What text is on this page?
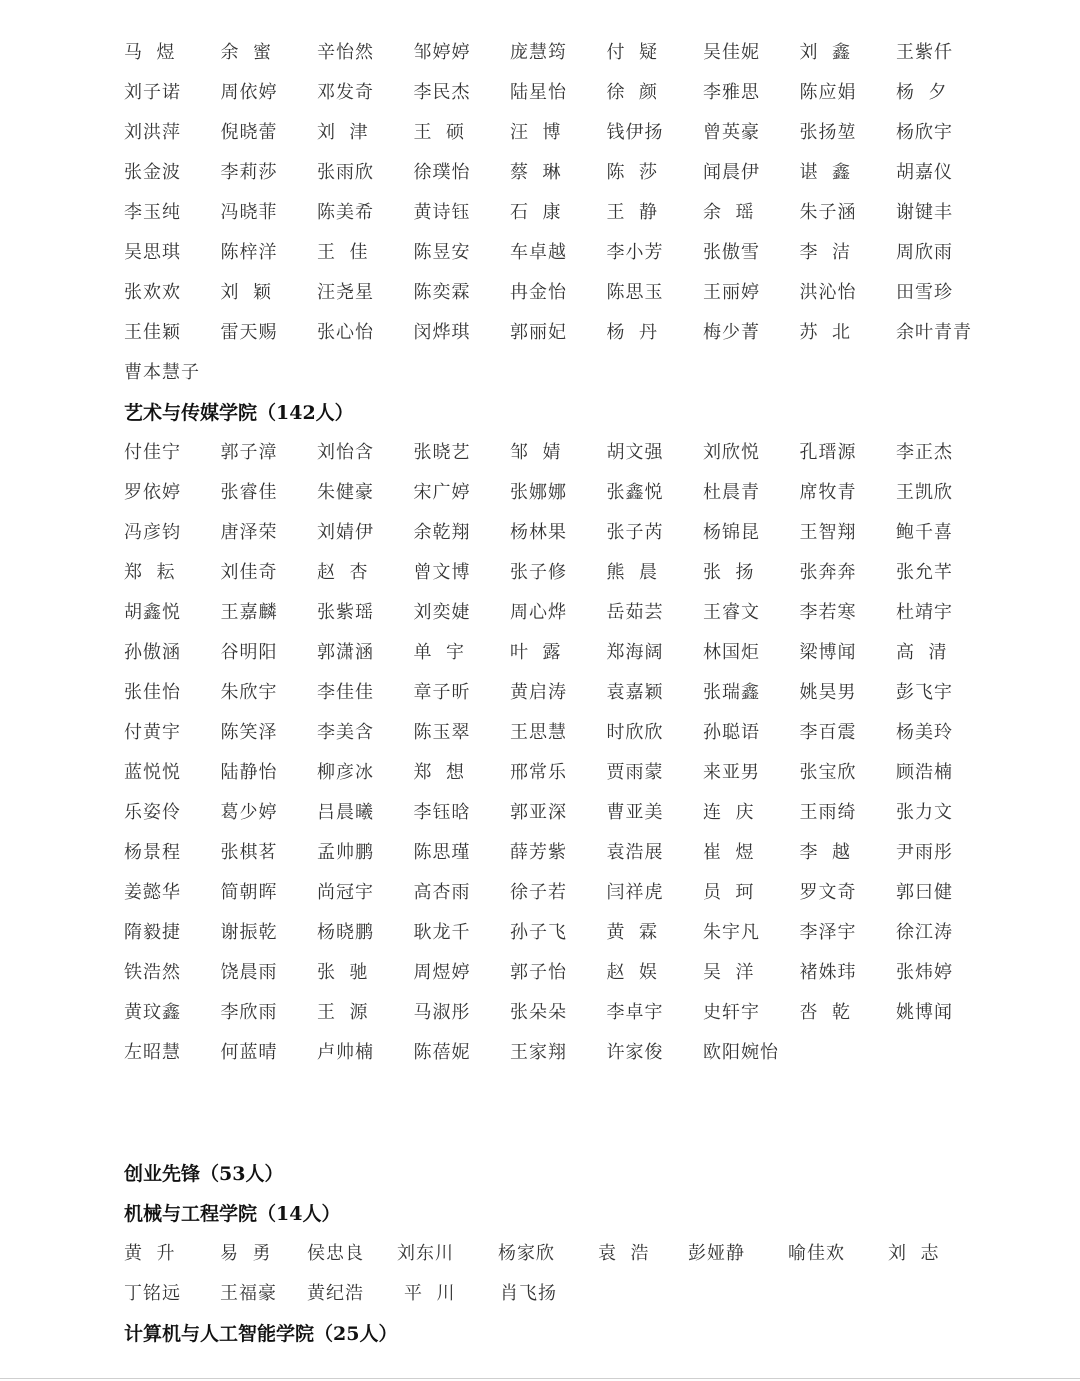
马  煜	余  蜜	辛怡然	邹婷婷	庞慧筠	付  疑	吴佳妮	刘  鑫	王紫仟
刘子诺	周依婷	邓发奇	李民杰	陆星怡	徐  颜	李雅思	陈应娟	杨  夕
刘洪萍	倪晓蕾	刘  津	王  硕	汪  博	钱伊扬	曾英豪	张扬堃	杨欣宇
张金波	李莉莎	张雨欣	徐璞怡	蔡  琳	陈  莎	闻晨伊	谌  鑫	胡嘉仪
李玉纯	冯晓菲	陈美希	黄诗钰	石  康	王  静	余  瑶	朱子涵	谢键丰
吴思琪	陈梓洋	王  佳	陈昱安	车卓越	李小芳	张傲雪	李  洁	周欣雨
张欢欢	刘  颖	汪尧星	陈奕霖	冉金怡	陈思玉	王丽婷	洪沁怡	田雪珍
王佳颖	雷天赐	张心怡	闵烨琪	郭丽妃	杨  丹	梅少菁	苏  北	余叶青青
曹本慧子
艺术与传媒学院（142人）
付佳宁	郭子漳	刘怡含	张晓艺	邹  婧	胡文强	刘欣悦	孔瑨源	李正杰
罗依婷	张睿佳	朱健豪	宋广婷	张娜娜	张鑫悦	杜晨青	席牧青	王凯欣
冯彦钧	唐泽荣	刘婧伊	余乾翔	杨林果	张子芮	杨锦昆	王智翔	鲍千喜
郑  耘	刘佳奇	赵  杏	曾文博	张子修	熊  晨	张  扬	张奔奔	张允芊
胡鑫悦	王嘉麟	张紫瑶	刘奕婕	周心烨	岳茹芸	王睿文	李若寒	杜靖宇
孙傲涵	谷明阳	郭潇涵	单  宇	叶  露	郑海阔	林国炬	梁博闻	高  清
张佳怡	朱欣宇	李佳佳	章子昕	黄启涛	袁嘉颖	张瑞鑫	姚昊男	彭飞宇
付黄宇	陈笑泽	李美含	陈玉翠	王思慧	时欣欣	孙聪语	李百震	杨美玲
蓝悦悦	陆静怡	柳彦冰	郑  想	邢常乐	贾雨蒙	来亚男	张宝欣	顾浩楠
乐姿伶	葛少婷	吕晨曦	李钰晗	郭亚深	曹亚美	连  庆	王雨绮	张力文
杨景程	张棋茗	孟帅鹏	陈思瑾	薛芳紫	袁浩展	崔  煜	李  越	尹雨彤
姜懿华	简朝晖	尚冠宇	高杏雨	徐子若	闫祥虎	员  珂	罗文奇	郭曰健
隋毅捷	谢振乾	杨晓鹏	耿龙千	孙子飞	黄  霖	朱宇凡	李泽宇	徐江涛
铁浩然	饶晨雨	张  驰	周煜婷	郭子怡	赵  娱	吴  洋	褚姝玮	张炜婷
黄玟鑫	李欣雨	王  源	马淑彤	张朵朵	李卓宇	史轩宇	呇  乾	姚博闻
左昭慧	何蓝晴	卢帅楠	陈蓓妮	王家翔	许家俊	欧阳婉怡
创业先锋（53人）
机械与工程学院（14人）
黄  升 易  勇 侯忠良 刘东川 杨家欣 袁  浩 彭娅静 喻佳欢 刘  志
丁铭远 王福豪 黄纪浩 平  川 肖飞扬
计算机与人工智能学院（25人）
